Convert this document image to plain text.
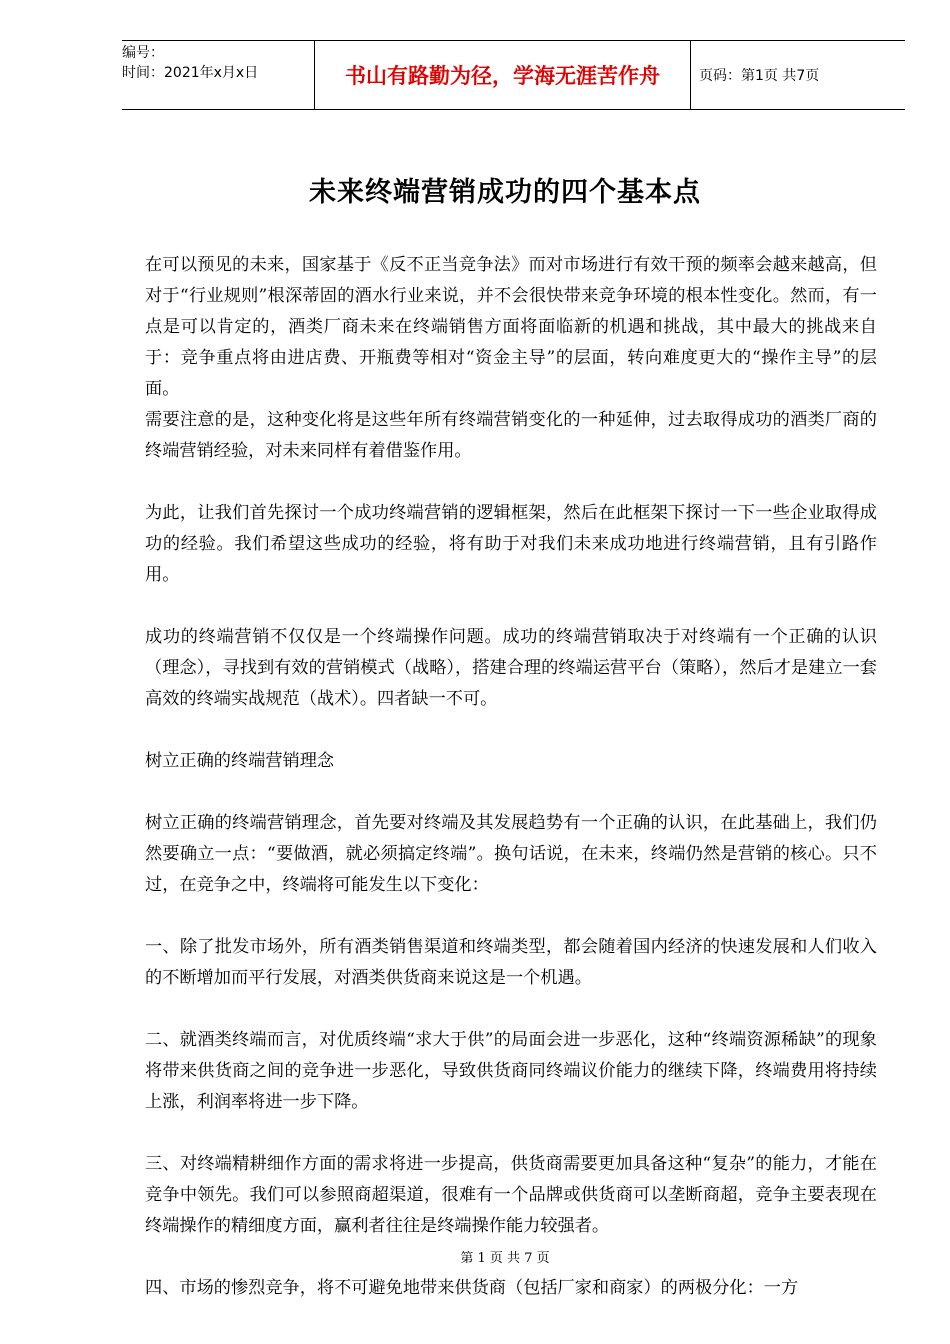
编号：
时间：2021年x月x日	书山有路勤为径，学海无涯苦作舟	页码：第1页 共7页
未来终端营销成功的四个基本点

在可以预见的未来，国家基于《反不正当竞争法》而对市场进行有效干预的频率会越来越高，但对于“行业规则”根深蒂固的酒水行业来说，并不会很快带来竞争环境的根本性变化。然而，有一点是可以肯定的，酒类厂商未来在终端销售方面将面临新的机遇和挑战，其中最大的挑战来自于：竞争重点将由进店费、开瓶费等相对“资金主导”的层面，转向难度更大的“操作主导”的层面。

需要注意的是，这种变化将是这些年所有终端营销变化的一种延伸，过去取得成功的酒类厂商的终端营销经验，对未来同样有着借鉴作用。

为此，让我们首先探讨一个成功终端营销的逻辑框架，然后在此框架下探讨一下一些企业取得成功的经验。我们希望这些成功的经验，将有助于对我们未来成功地进行终端营销，且有引路作用。

成功的终端营销不仅仅是一个终端操作问题。成功的终端营销取决于对终端有一个正确的认识（理念），寻找到有效的营销模式（战略），搭建合理的终端运营平台（策略），然后才是建立一套高效的终端实战规范（战术）。四者缺一不可。

树立正确的终端营销理念

树立正确的终端营销理念，首先要对终端及其发展趋势有一个正确的认识，在此基础上，我们仍然要确立一点：“要做酒，就必须搞定终端”。换句话说，在未来，终端仍然是营销的核心。只不过，在竞争之中，终端将可能发生以下变化：

一、除了批发市场外，所有酒类销售渠道和终端类型，都会随着国内经济的快速发展和人们收入的不断增加而平行发展，对酒类供货商来说这是一个机遇。

二、就酒类终端而言，对优质终端“求大于供”的局面会进一步恶化，这种“终端资源稀缺”的现象将带来供货商之间的竞争进一步恶化，导致供货商同终端议价能力的继续下降，终端费用将持续上涨，利润率将进一步下降。

三、对终端精耕细作方面的需求将进一步提高，供货商需要更加具备这种“复杂”的能力，才能在竞争中领先。我们可以参照商超渠道，很难有一个品牌或供货商可以垄断商超，竞争主要表现在终端操作的精细度方面，赢利者往往是终端操作能力较强者。

四、市场的惨烈竞争，将不可避免地带来供货商（包括厂家和商家）的两极分化：一方

第 1 页 共 7 页
